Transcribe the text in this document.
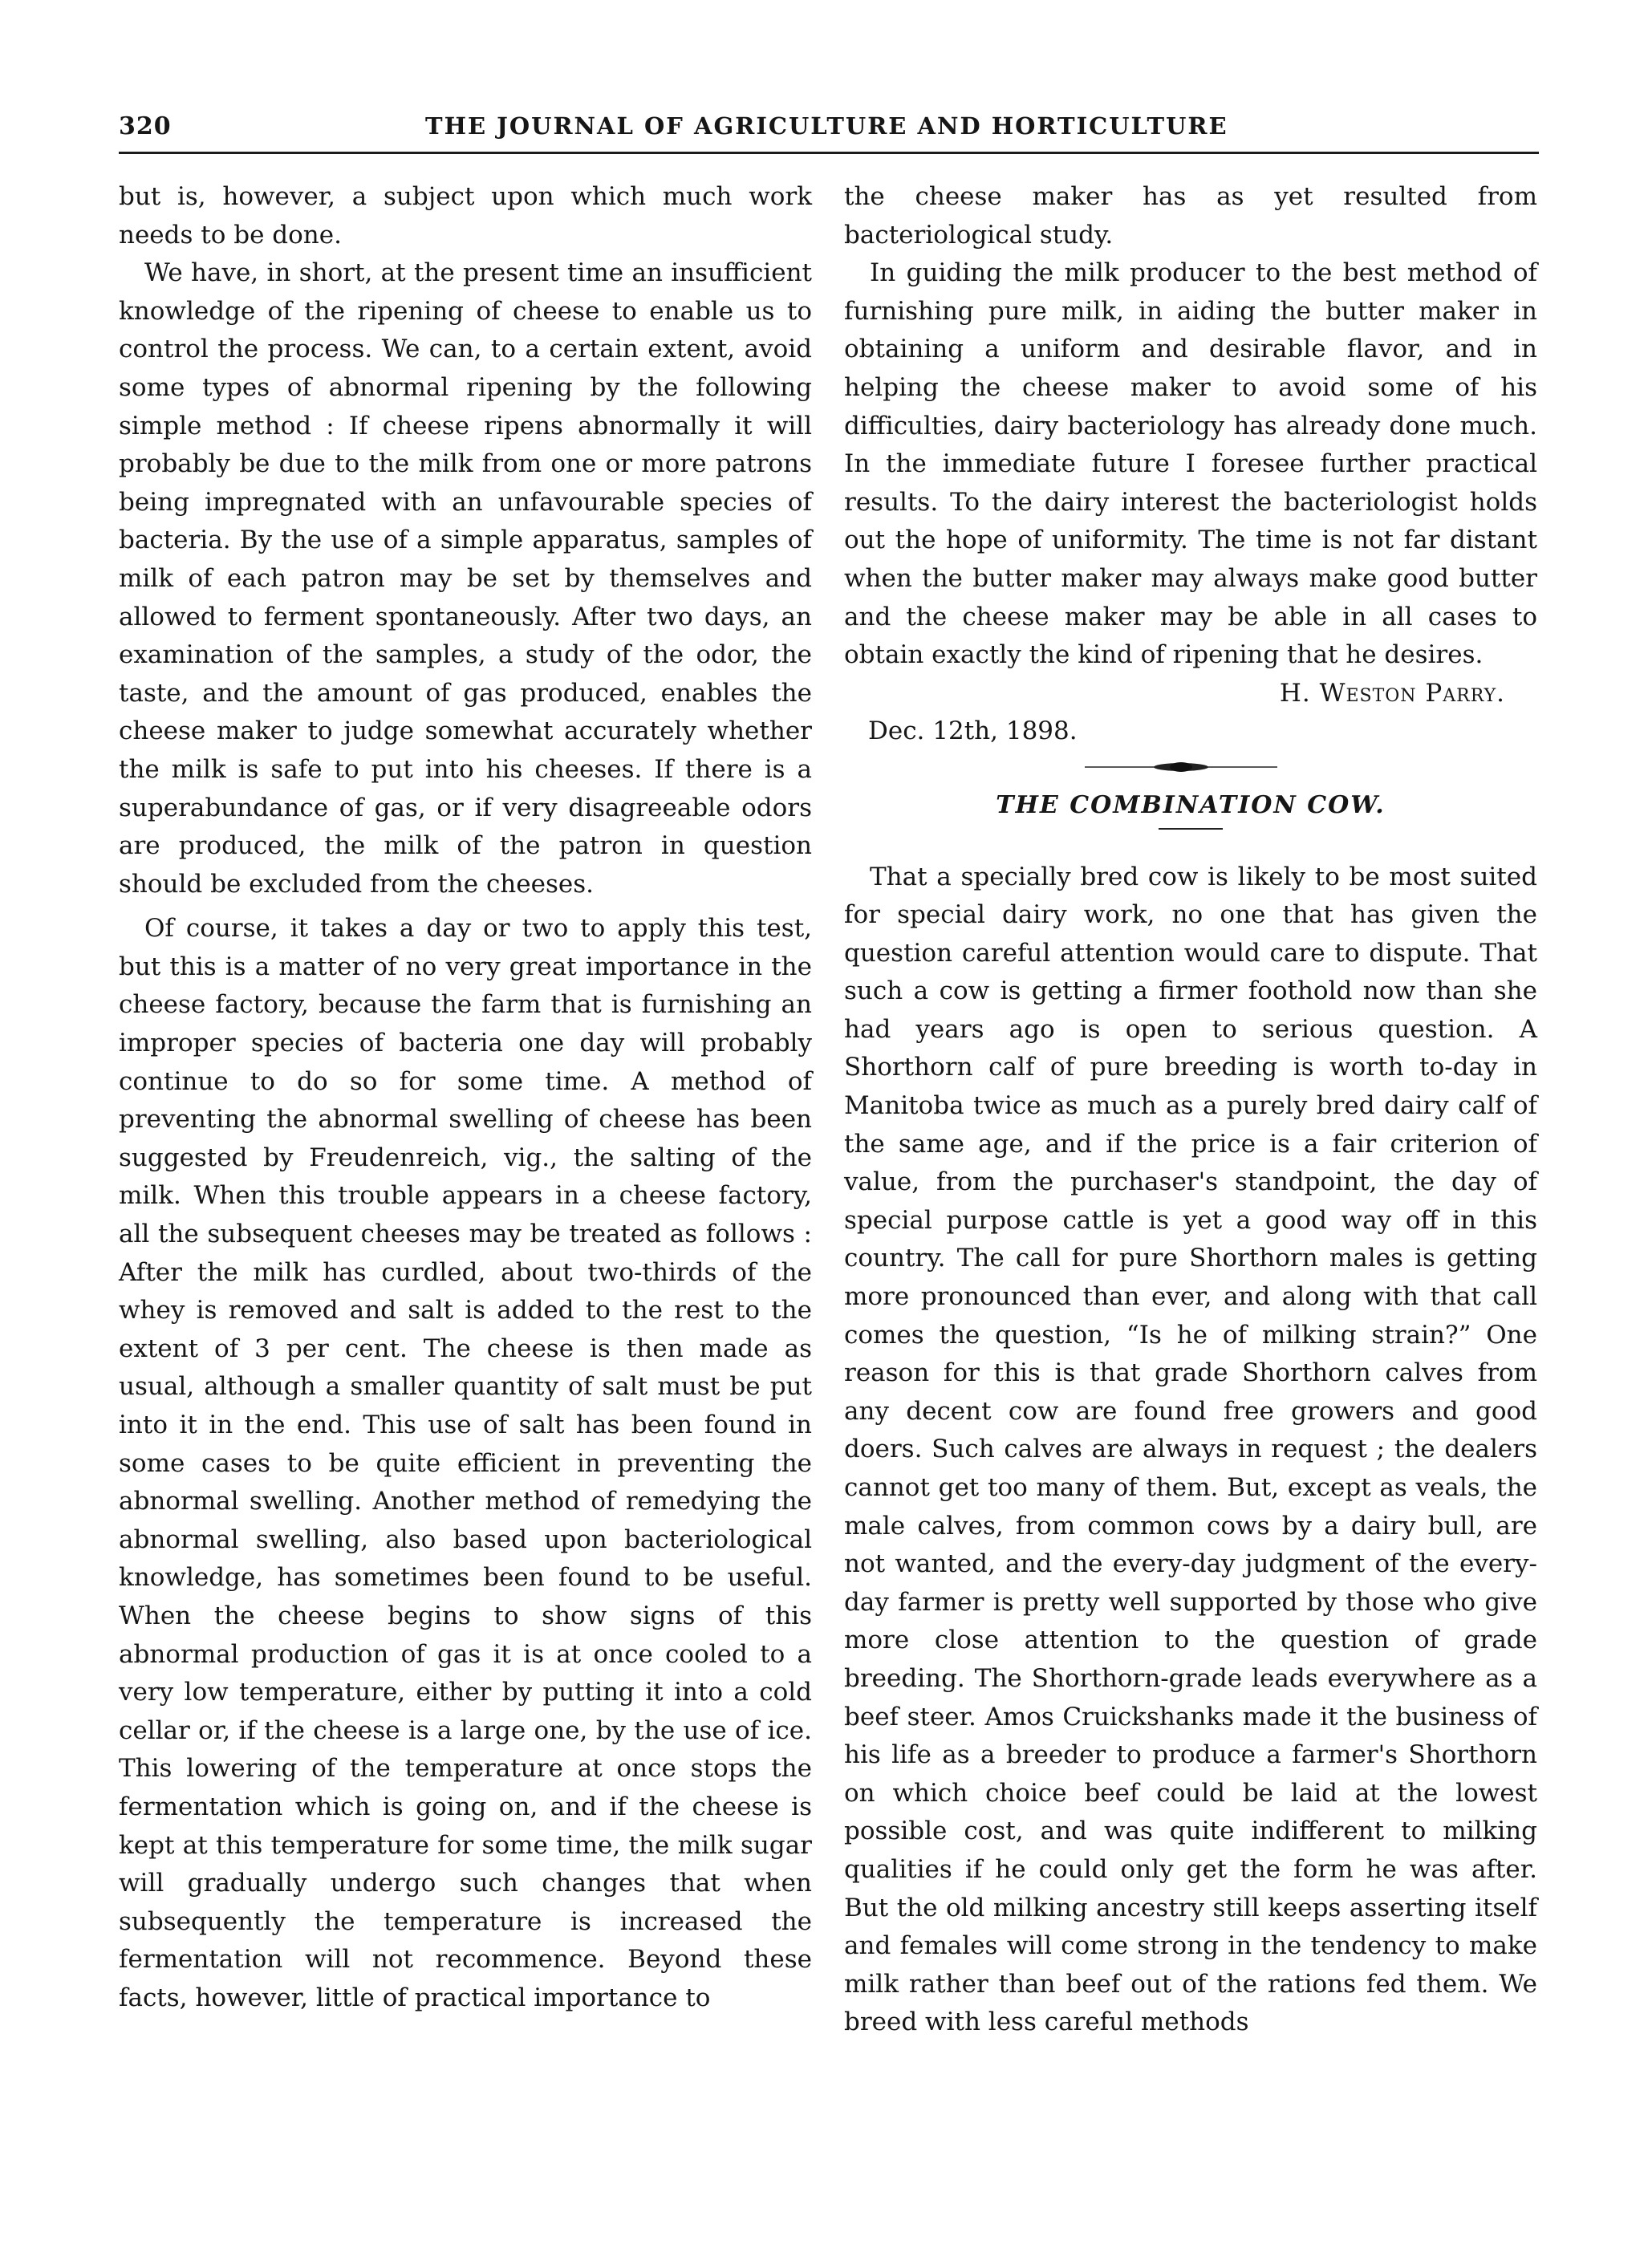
320	THE JOURNAL OF AGRICULTURE AND HORTICULTURE

but is, however, a subject upon which much work needs to be done.

We have, in short, at the present time an insufficient knowledge of the ripening of cheese to enable us to control the process. We can, to a certain extent, avoid some types of abnormal ripening by the following simple method : If cheese ripens abnormally it will probably be due to the milk from one or more patrons being impregnated with an unfavourable species of bacteria. By the use of a simple apparatus, samples of milk of each patron may be set by themselves and allowed to ferment spontaneously. After two days, an examination of the samples, a study of the odor, the taste, and the amount of gas produced, enables the cheese maker to judge somewhat accurately whether the milk is safe to put into his cheeses. If there is a superabundance of gas, or if very disagreeable odors are produced, the milk of the patron in question should be excluded from the cheeses.

Of course, it takes a day or two to apply this test, but this is a matter of no very great importance in the cheese factory, because the farm that is furnishing an improper species of bacteria one day will probably continue to do so for some time. A method of preventing the abnormal swelling of cheese has been suggested by Freudenreich, vig., the salting of the milk. When this trouble appears in a cheese factory, all the subsequent cheeses may be treated as follows : After the milk has curdled, about two-thirds of the whey is removed and salt is added to the rest to the extent of 3 per cent. The cheese is then made as usual, although a smaller quantity of salt must be put into it in the end. This use of salt has been found in some cases to be quite efficient in preventing the abnormal swelling. Another method of remedying the abnormal swelling, also based upon bacteriological knowledge, has sometimes been found to be useful. When the cheese begins to show signs of this abnormal production of gas it is at once cooled to a very low temperature, either by putting it into a cold cellar or, if the cheese is a large one, by the use of ice. This lowering of the temperature at once stops the fermentation which is going on, and if the cheese is kept at this temperature for some time, the milk sugar will gradually undergo such changes that when subsequently the temperature is increased the fermentation will not recommence. Beyond these facts, however, little of practical importance to

the cheese maker has as yet resulted from bacteriological study.

In guiding the milk producer to the best method of furnishing pure milk, in aiding the butter maker in obtaining a uniform and desirable flavor, and in helping the cheese maker to avoid some of his difficulties, dairy bacteriology has already done much. In the immediate future I foresee further practical results. To the dairy interest the bacteriologist holds out the hope of uniformity. The time is not far distant when the butter maker may always make good butter and the cheese maker may be able in all cases to obtain exactly the kind of ripening that he desires.

H. Weston Parry.

Dec. 12th, 1898.

THE COMBINATION COW.

That a specially bred cow is likely to be most suited for special dairy work, no one that has given the question careful attention would care to dispute. That such a cow is getting a firmer foothold now than she had years ago is open to serious question. A Shorthorn calf of pure breeding is worth to-day in Manitoba twice as much as a purely bred dairy calf of the same age, and if the price is a fair criterion of value, from the purchaser's standpoint, the day of special purpose cattle is yet a good way off in this country. The call for pure Shorthorn males is getting more pronounced than ever, and along with that call comes the question, “Is he of milking strain?” One reason for this is that grade Shorthorn calves from any decent cow are found free growers and good doers. Such calves are always in request ; the dealers cannot get too many of them. But, except as veals, the male calves, from common cows by a dairy bull, are not wanted, and the every-day judgment of the every-day farmer is pretty well supported by those who give more close attention to the question of grade breeding. The Shorthorn-grade leads everywhere as a beef steer. Amos Cruickshanks made it the business of his life as a breeder to produce a farmer's Shorthorn on which choice beef could be laid at the lowest possible cost, and was quite indifferent to milking qualities if he could only get the form he was after. But the old milking ancestry still keeps asserting itself and females will come strong in the tendency to make milk rather than beef out of the rations fed them. We breed with less careful methods
